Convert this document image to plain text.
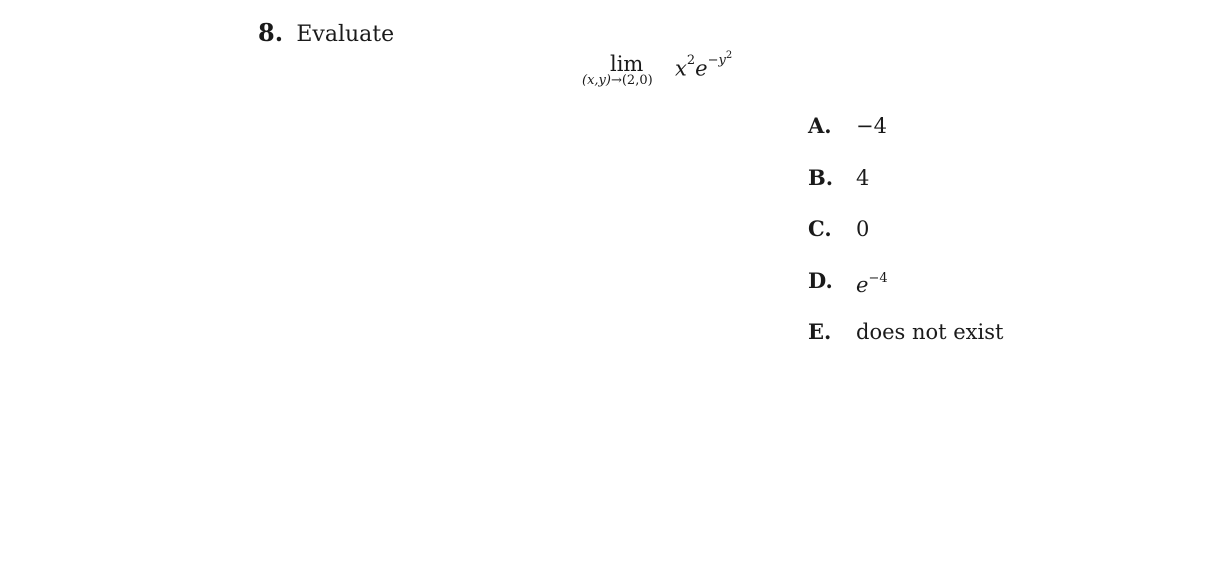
8. Evaluate
lim
(x,y)→(2,0)
$x^2e^{-y^2}$
A.	−4
B.	4
C.	0
D.	$e^{-4}$
E.	does not exist
